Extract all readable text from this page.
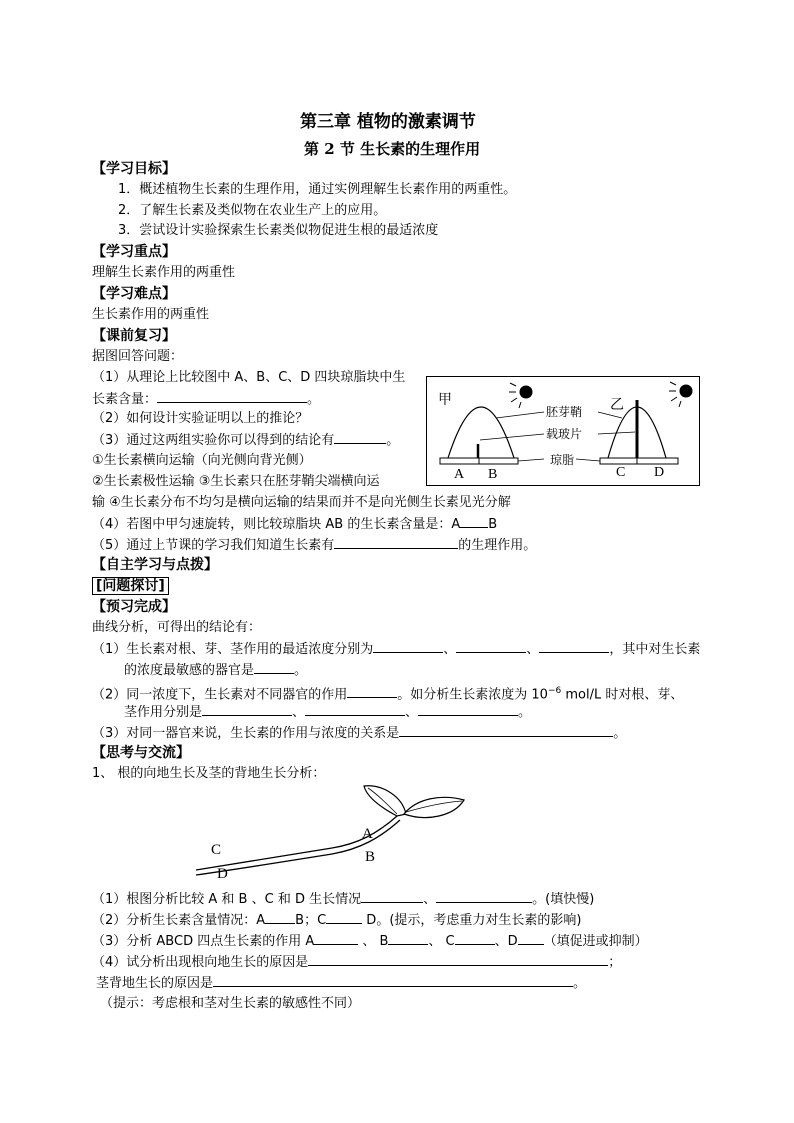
第三章 植物的激素调节
第 2 节 生长素的生理作用
【学习目标】
1．概述植物生长素的生理作用，通过实例理解生长素作用的两重性。
2．了解生长素及类似物在农业生产上的应用。
3．尝试设计实验探索生长素类似物促进生根的最适浓度
【学习重点】
理解生长素作用的两重性
【学习难点】
生长素作用的两重性
【课前复习】
据图回答问题：
（1）从理论上比较图中 A、B、C、D 四块琼脂块中生
长素含量：	。
（2）如何设计实验证明以上的推论？
（3）通过这两组实验你可以得到的结论有	。
①生长素横向运输（向光侧向背光侧）
②生长素极性运输 ③生长素只在胚芽鞘尖端横向运
输 ④生长素分布不均匀是横向运输的结果而并不是向光侧生长素见光分解
（4）若图中甲匀速旋转，则比较琼脂块 AB 的生长素含量是：A B
（5）通过上节课的学习我们知道生长素有	的生理作用。
甲	乙
胚芽鞘
载玻片
琼脂
A B	C D
【自主学习与点拨】
[问题探讨]
【预习完成】
曲线分析，可得出的结论有：
（1）生长素对根、芽、茎作用的最适浓度分别为	、	、	，其中对生长素
的浓度最敏感的器官是	。
（2）同一浓度下，生长素对不同器官的作用	。如分析生长素浓度为 $10^{-6}$ mol/L 时对根、芽、
茎作用分别是	、	、	。
（3）对同一器官来说，生长素的作用与浓度的关系是	。
【思考与交流】
1、 根的向地生长及茎的背地生长分析：
A
B
C
D
（1）根图分析比较 A 和 B 、C 和 D 生长情况	、	。(填快慢)
（2）分析生长素含量情况：A B；C	D。(提示，考虑重力对生长素的影响)
（3）分析 ABCD 四点生长素的作用 A	、 B	、 C	、D （填促进或抑制）
（4）试分析出现根向地生长的原因是	；
茎背地生长的原因是	。
（提示：考虑根和茎对生长素的敏感性不同）
